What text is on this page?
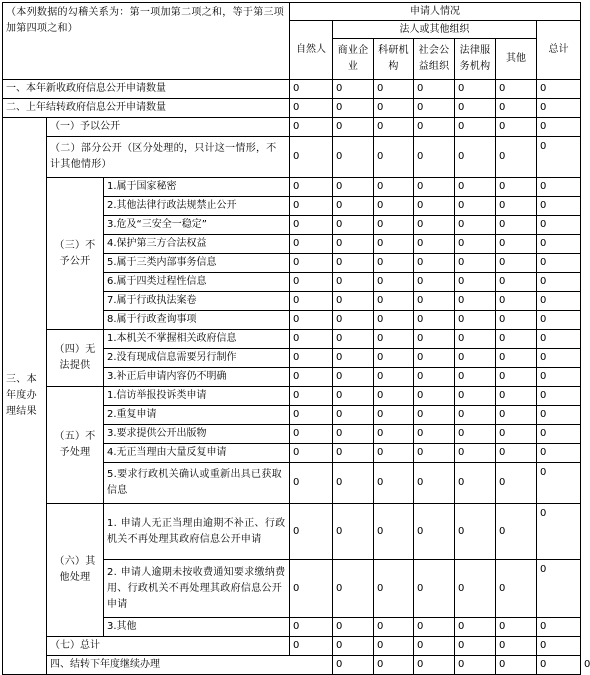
（本列数据的勾稽关系为：第一项加第二项之和，等于第三项加第四项之和）			申请人情况							
			自然人	法人或其他组织					总计	
				商业企业	科研机构	社会公益组织	法律服务机构	其他		
一、本年新收政府信息公开申请数量			0	0	0	0	0	0	0	
二、上年结转政府信息公开申请数量			0	0	0	0	0	0	0	
三、本年度办理结果	（一）予以公开		0	0	0	0	0	0	0	
	（二）部分公开（区分处理的，只计这一情形，不计其他情形）		0	0	0	0	0	0	0	
	（三）不予公开	1.属于国家秘密	0	0	0	0	0	0	0	
		2.其他法律行政法规禁止公开	0	0	0	0	0	0	0	
		3.危及“三安全一稳定”	0	0	0	0	0	0	0	
		4.保护第三方合法权益	0	0	0	0	0	0	0	
		5.属于三类内部事务信息	0	0	0	0	0	0	0	
		6.属于四类过程性信息	0	0	0	0	0	0	0	
		7.属于行政执法案卷	0	0	0	0	0	0	0	
		8.属于行政查询事项	0	0	0	0	0	0	0	
	（四）无法提供	1.本机关不掌握相关政府信息	0	0	0	0	0	0	0	
		2.没有现成信息需要另行制作	0	0	0	0	0	0	0	
		3.补正后申请内容仍不明确	0	0	0	0	0	0	0	
	（五）不予处理	1.信访举报投诉类申请	0	0	0	0	0	0	0	
		2.重复申请	0	0	0	0	0	0	0	
		3.要求提供公开出版物	0	0	0	0	0	0	0	
		4.无正当理由大量反复申请	0	0	0	0	0	0	0	
		5.要求行政机关确认或重新出具已获取信息	0	0	0	0	0	0	0	
	（六）其他处理	1. 申请人无正当理由逾期不补正、行政机关不再处理其政府信息公开申请	0	0	0	0	0	0	0	
		2. 申请人逾期未按收费通知要求缴纳费用、行政机关不再处理其政府信息公开申请	0	0	0	0	0	0	0	
		3.其他	0	0	0	0	0	0	0	
	（七）总计		0	0	0	0	0	0	0	
	四、结转下年度继续办理			0	0	0	0	0	0	0
